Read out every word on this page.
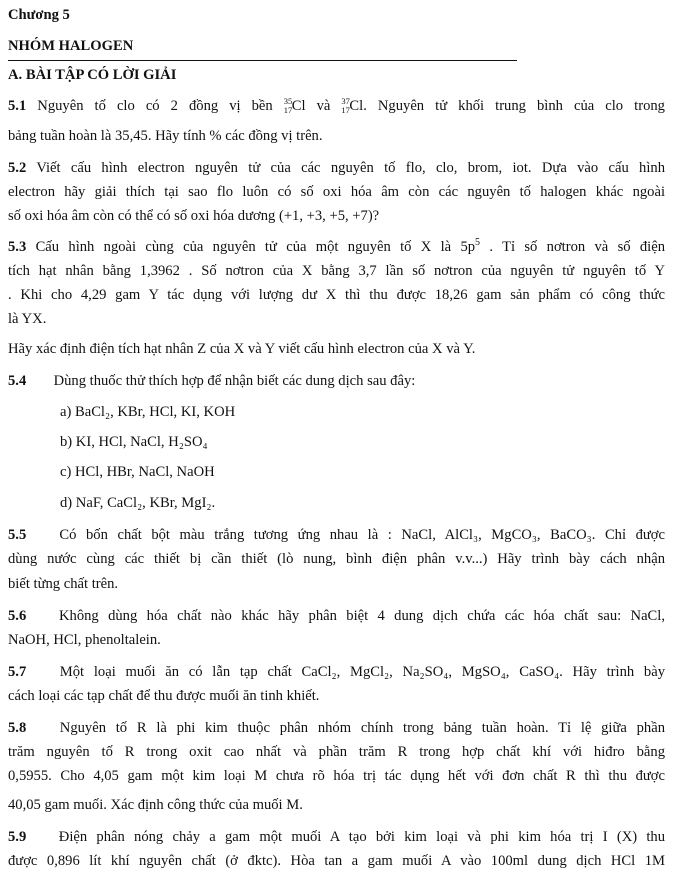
Chương 5
NHÓM HALOGEN
A. BÀI TẬP CÓ LỜI GIẢI
5.1 Nguyên tố clo có 2 đồng vị bền 35
17 Cl và 37
17 Cl. Nguyên tử khối trung bình của clo trong
bảng tuần hoàn là 35,45. Hãy tính % các đồng vị trên.
5.2 Viết cấu hình electron nguyên tử của các nguyên tố flo, clo, brom, iot. Dựa vào cấu hình
electron hãy giải thích tại sao flo luôn có số oxi hóa âm còn các nguyên tố halogen khác ngoài
số oxi hóa âm còn có thể có số oxi hóa dương (+1, +3, +5, +7)?
5.3 Cấu hình ngoài cùng của nguyên tử của một nguyên tố X là $5p^5$ . Tỉ số nơtron và số điện
tích hạt nhân bằng 1,3962 . Số nơtron của X bằng 3,7 lần số nơtron của nguyên tử nguyên tố Y
. Khi cho 4,29 gam Y tác dụng với lượng dư X thì thu được 18,26 gam sản phẩm có công thức
là YX.
Hãy xác định điện tích hạt nhân Z của X và Y viết cấu hình electron của X và Y.
5.4 Dùng thuốc thử thích hợp để nhận biết các dung dịch sau đây:
a) BaCl₂, KBr, HCl, KI, KOH
b) KI, HCl, NaCl, H₂SO₄
c) HCl, HBr, NaCl, NaOH
d) NaF, CaCl₂, KBr, MgI₂.
5.5 Có bốn chất bột màu trắng tương ứng nhau là : NaCl, AlCl₃, MgCO₃, BaCO₃. Chỉ được
dùng nước cùng các thiết bị cần thiết (lò nung, bình điện phân v.v...) Hãy trình bày cách nhận
biết từng chất trên.
5.6 Không dùng hóa chất nào khác hãy phân biệt 4 dung dịch chứa các hóa chất sau: NaCl,
NaOH, HCl, phenoltalein.
5.7 Một loại muối ăn có lẫn tạp chất CaCl₂, MgCl₂, Na₂SO₄, MgSO₄, CaSO₄. Hãy trình bày
cách loại các tạp chất để thu được muối ăn tinh khiết.
5.8 Nguyên tố R là phi kim thuộc phân nhóm chính trong bảng tuần hoàn. Tỉ lệ giữa phần
trăm nguyên tố R trong oxit cao nhất và phần trăm R trong hợp chất khí với hiđro bằng
0,5955. Cho 4,05 gam một kim loại M chưa rõ hóa trị tác dụng hết với đơn chất R thì thu được
40,05 gam muối. Xác định công thức của muối M.
5.9 Điện phân nóng chảy a gam một muối A tạo bởi kim loại và phi kim hóa trị I (X) thu
được 0,896 lít khí nguyên chất (ở đktc). Hòa tan a gam muối A vào 100ml dung dịch HCl 1M
